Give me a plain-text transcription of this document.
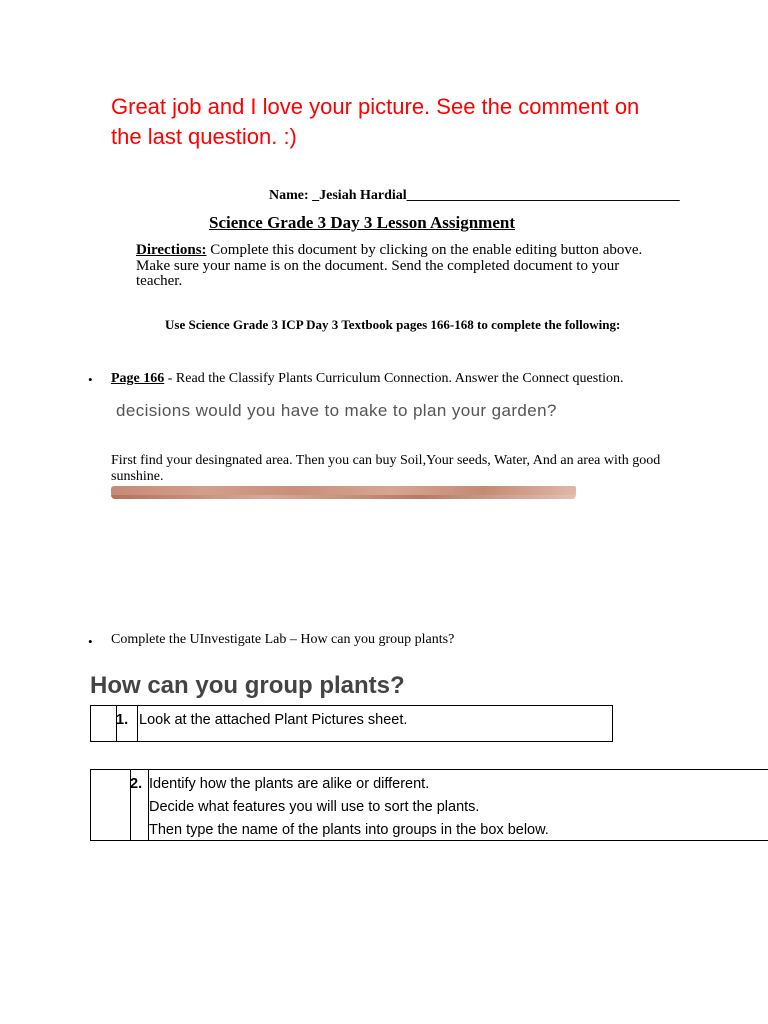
Great job and I love your picture. See the comment on
the last question. :)
Name: _Jesiah Hardial_______________________________________
Science Grade 3 Day 3 Lesson Assignment
Directions: Complete this document by clicking on the enable editing button above.
Make sure your name is on the document. Send the completed document to your
teacher.
Use Science Grade 3 ICP Day 3 Textbook pages 166-168 to complete the following:
• Page 166 - Read the Classify Plants Curriculum Connection. Answer the Connect question.
decisions would you have to make to plan your garden?
First find your desingnated area. Then you can buy Soil,Your seeds, Water, And an area with good
sunshine.
• Complete the UInvestigate Lab – How can you group plants?
How can you group plants?
1. Look at the attached Plant Pictures sheet.
2. Identify how the plants are alike or different.
Decide what features you will use to sort the plants.
Then type the name of the plants into groups in the box below.
